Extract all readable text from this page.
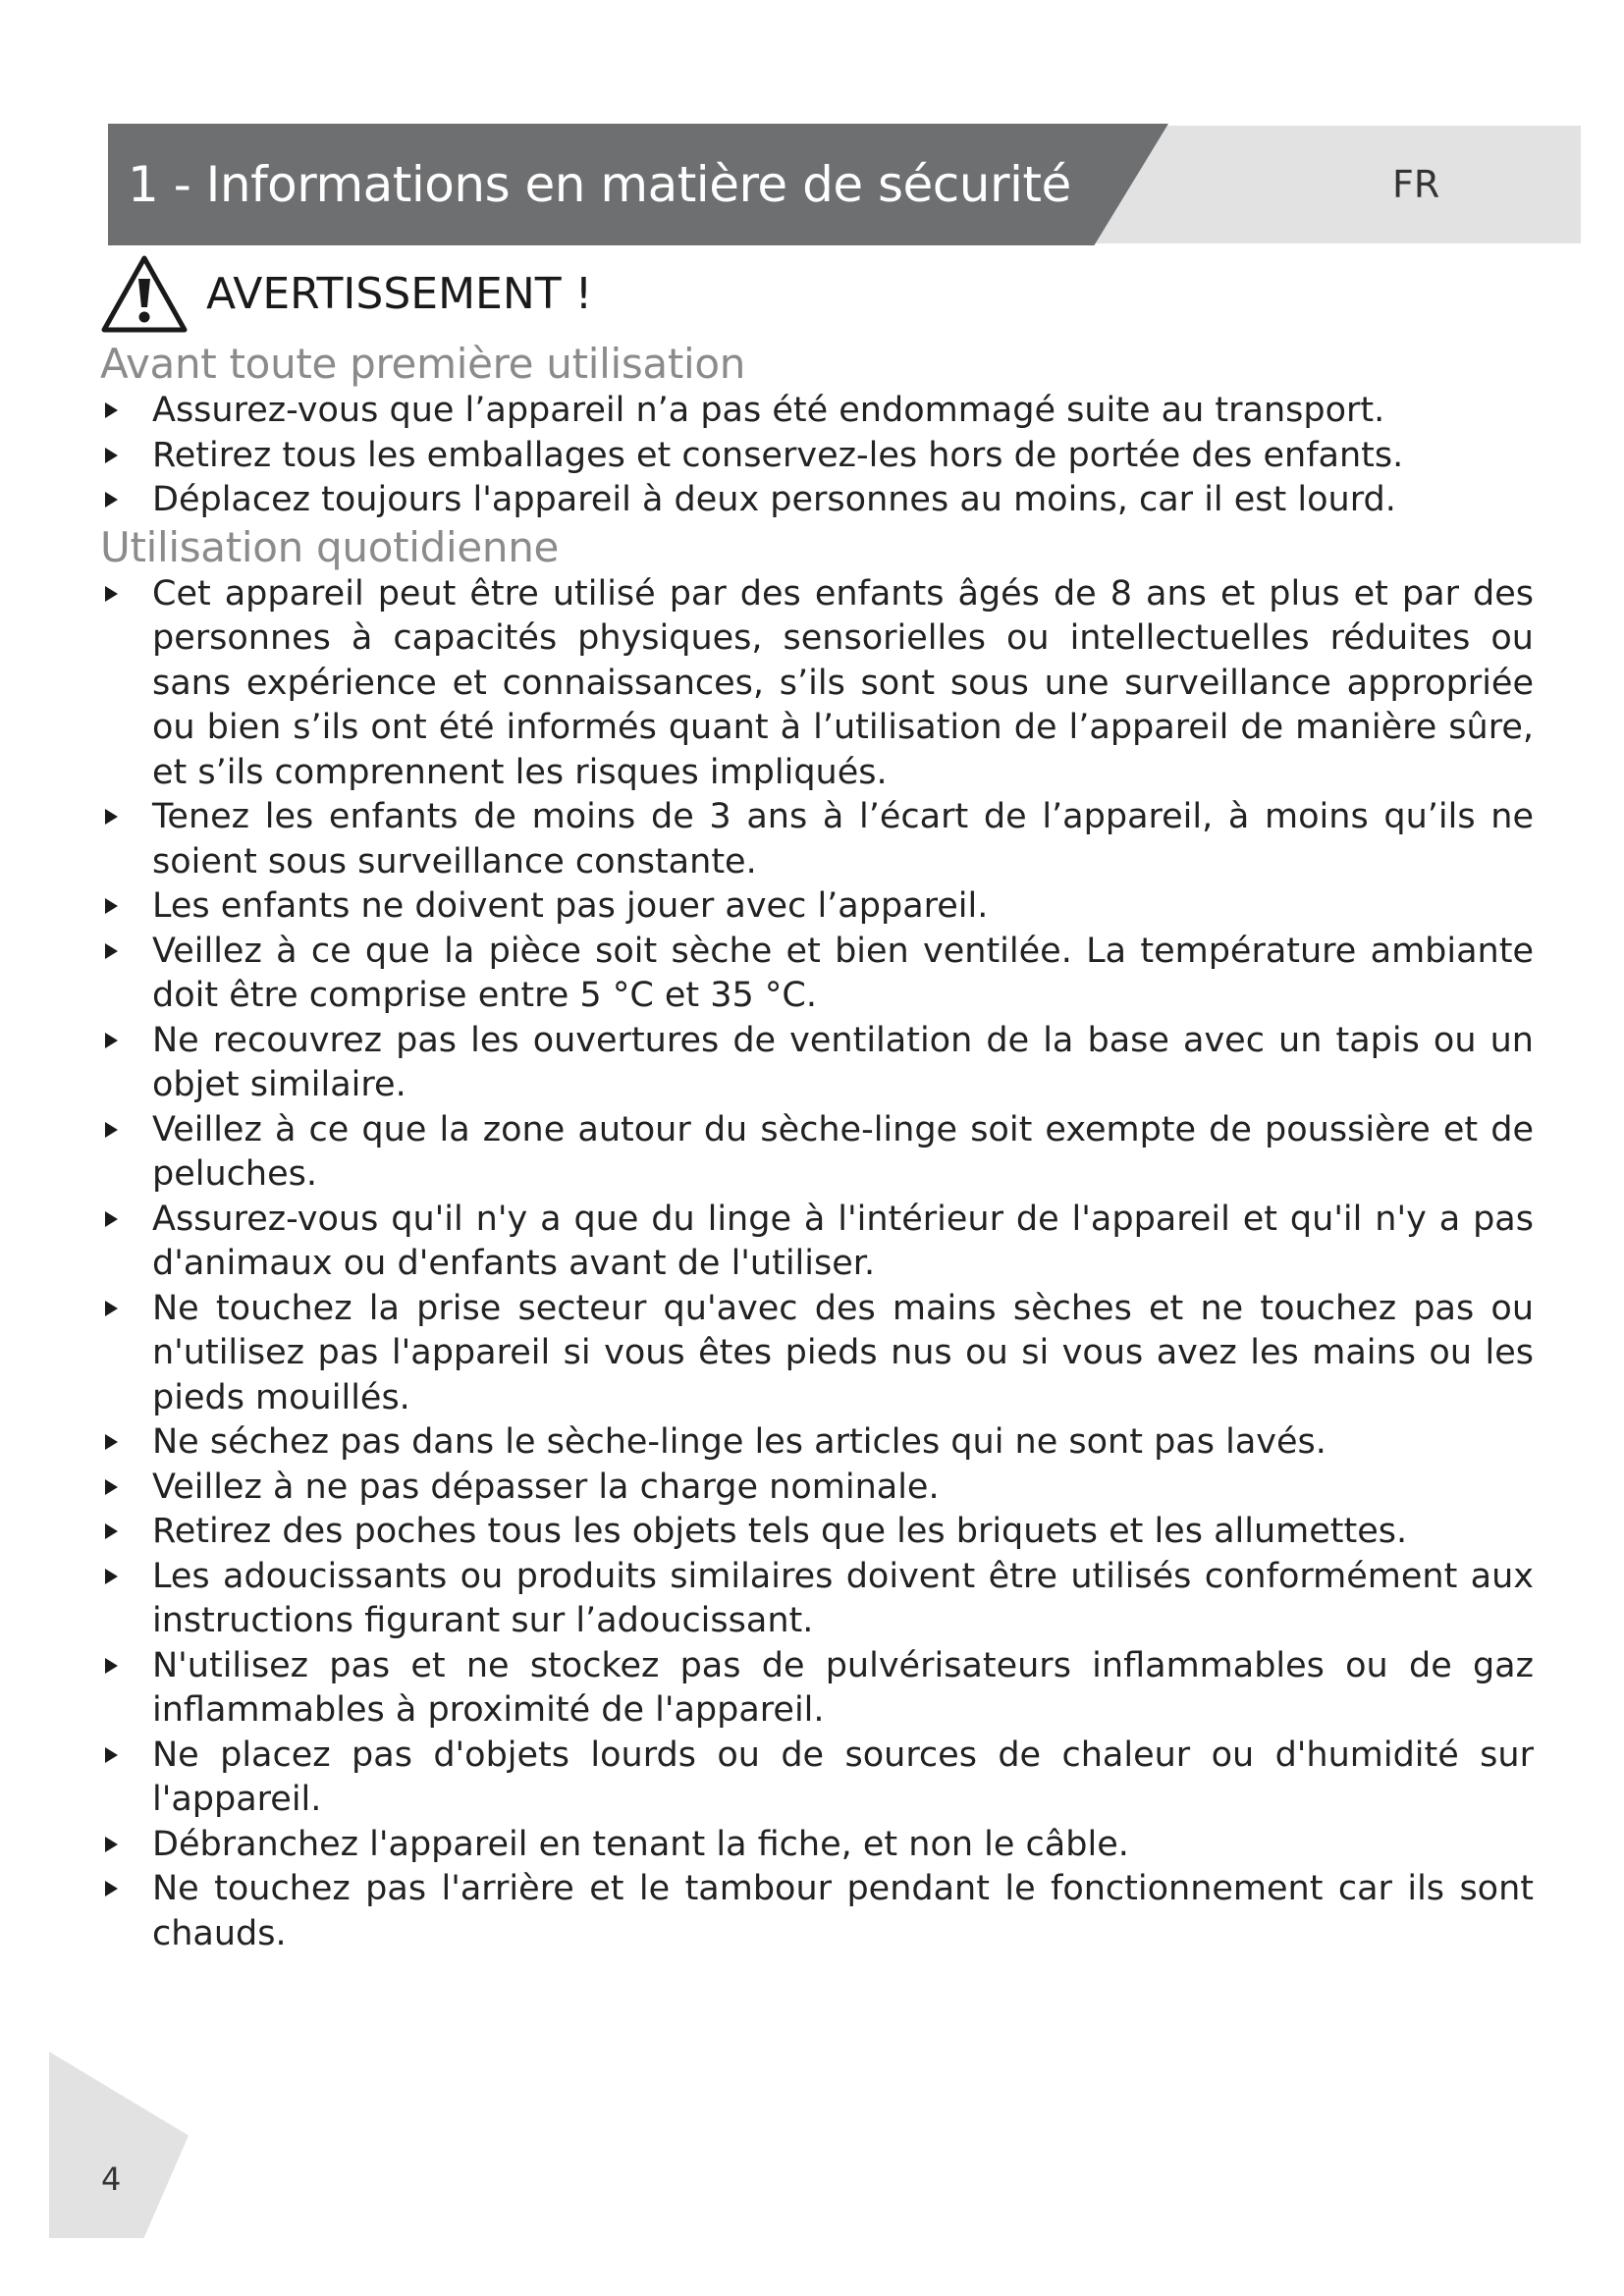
FR
1 - Informations en matière de sécurité
AVERTISSEMENT !
Avant toute première utilisation
Assurez-vous que l’appareil n’a pas été endommagé suite au transport.
Retirez tous les emballages et conservez-les hors de portée des enfants.
Déplacez toujours l'appareil à deux personnes au moins, car il est lourd.
Utilisation quotidienne
Cet appareil peut être utilisé par des enfants âgés de 8 ans et plus et par des personnes à capacités physiques, sensorielles ou intellectuelles réduites ou sans expérience et connaissances, s’ils sont sous une surveillance appropriée ou bien s’ils ont été informés quant à l’utilisation de l’appareil de manière sûre, et s’ils comprennent les risques impliqués.
Tenez les enfants de moins de 3 ans à l’écart de l’appareil, à moins qu’ils ne soient sous surveillance constante.
Les enfants ne doivent pas jouer avec l’appareil.
Veillez à ce que la pièce soit sèche et bien ventilée. La température ambiante doit être comprise entre 5 °C et 35 °C.
Ne recouvrez pas les ouvertures de ventilation de la base avec un tapis ou un objet similaire.
Veillez à ce que la zone autour du sèche-linge soit exempte de poussière et de peluches.
Assurez-vous qu'il n'y a que du linge à l'intérieur de l'appareil et qu'il n'y a pas d'animaux ou d'enfants avant de l'utiliser.
Ne touchez la prise secteur qu'avec des mains sèches et ne touchez pas ou n'utilisez pas l'appareil si vous êtes pieds nus ou si vous avez les mains ou les pieds mouillés.
Ne séchez pas dans le sèche-linge les articles qui ne sont pas lavés.
Veillez à ne pas dépasser la charge nominale.
Retirez des poches tous les objets tels que les briquets et les allumettes.
Les adoucissants ou produits similaires doivent être utilisés conformément aux instructions figurant sur l’adoucissant.
N'utilisez pas et ne stockez pas de pulvérisateurs inflammables ou de gaz inflammables à proximité de l'appareil.
Ne placez pas d'objets lourds ou de sources de chaleur ou d'humidité sur l'appareil.
Débranchez l'appareil en tenant la fiche, et non le câble.
Ne touchez pas l'arrière et le tambour pendant le fonctionnement car ils sont chauds.
4
